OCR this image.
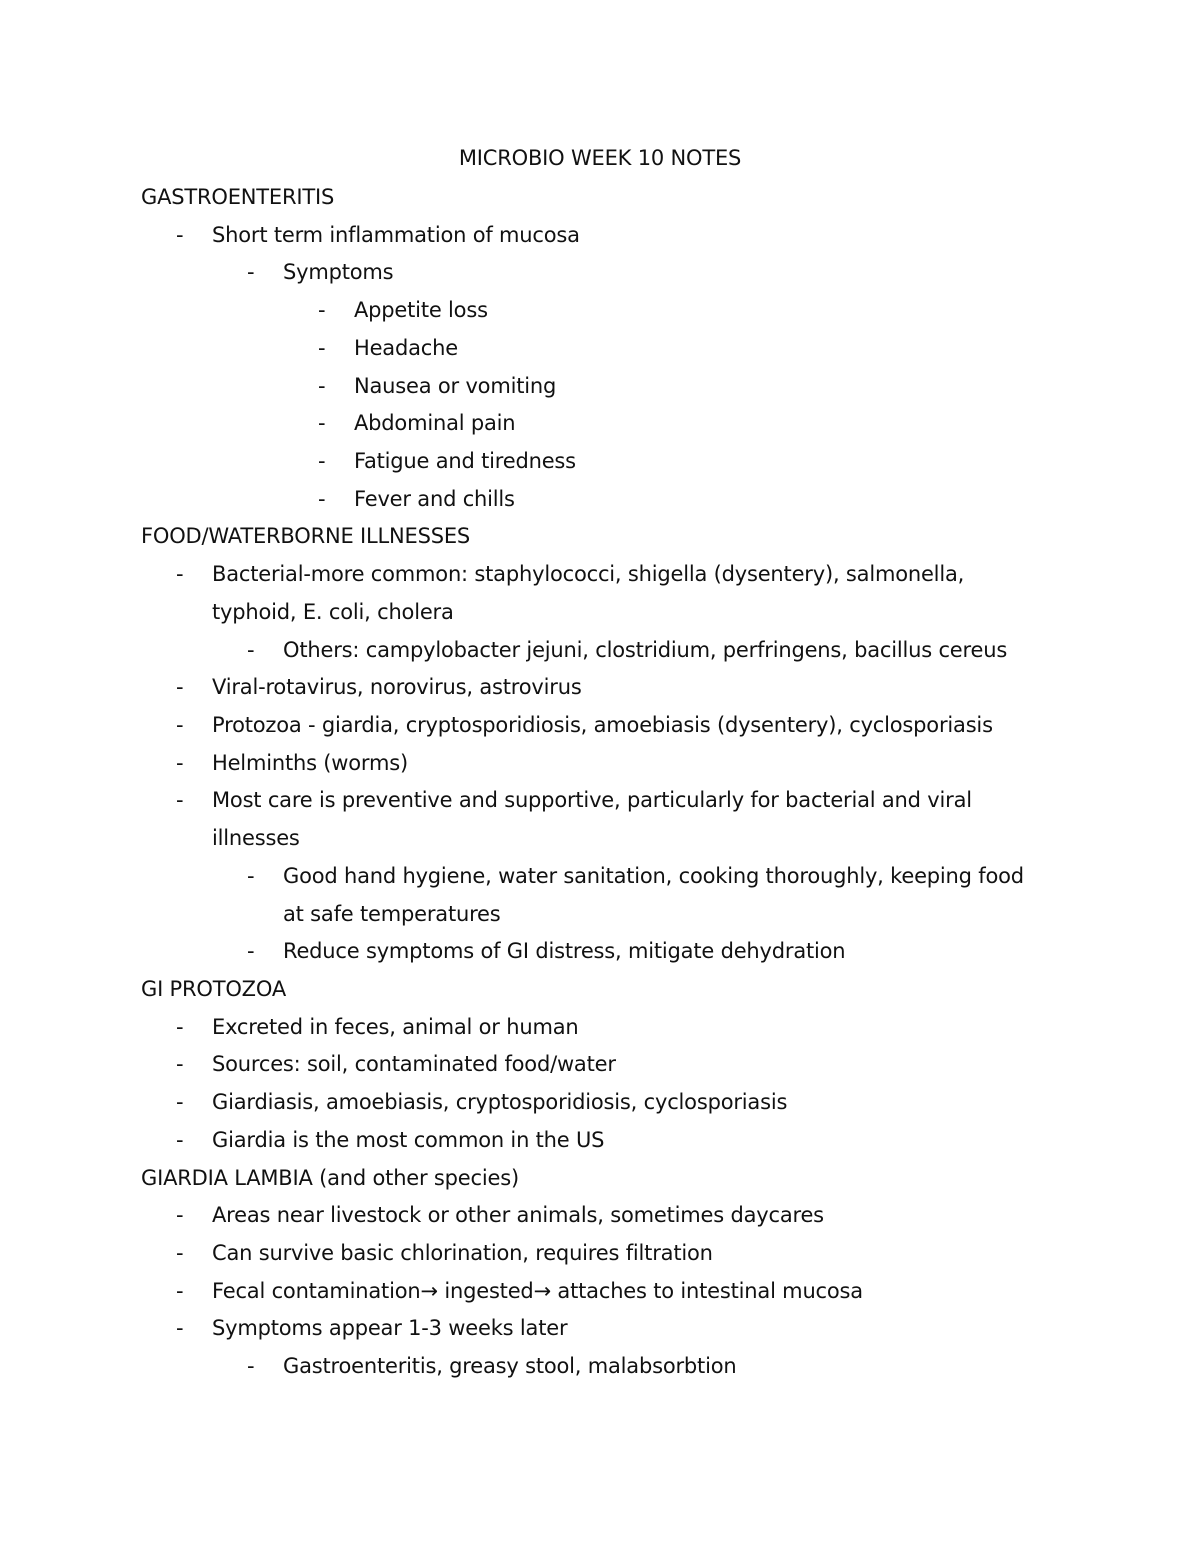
MICROBIO WEEK 10 NOTES
GASTROENTERITIS
- Short term inflammation of mucosa
- Symptoms
- Appetite loss
- Headache
- Nausea or vomiting
- Abdominal pain
- Fatigue and tiredness
- Fever and chills
FOOD/WATERBORNE ILLNESSES
- Bacterial-more common: staphylococci, shigella (dysentery), salmonella,
typhoid, E. coli, cholera
- Others: campylobacter jejuni, clostridium, perfringens, bacillus cereus
- Viral-rotavirus, norovirus, astrovirus
- Protozoa - giardia, cryptosporidiosis, amoebiasis (dysentery), cyclosporiasis
- Helminths (worms)
- Most care is preventive and supportive, particularly for bacterial and viral
illnesses
- Good hand hygiene, water sanitation, cooking thoroughly, keeping food
at safe temperatures
- Reduce symptoms of GI distress, mitigate dehydration
GI PROTOZOA
- Excreted in feces, animal or human
- Sources: soil, contaminated food/water
- Giardiasis, amoebiasis, cryptosporidiosis, cyclosporiasis
- Giardia is the most common in the US
GIARDIA LAMBIA (and other species)
- Areas near livestock or other animals, sometimes daycares
- Can survive basic chlorination, requires filtration
- Fecal contamination→ ingested→ attaches to intestinal mucosa
- Symptoms appear 1-3 weeks later
- Gastroenteritis, greasy stool, malabsorbtion
